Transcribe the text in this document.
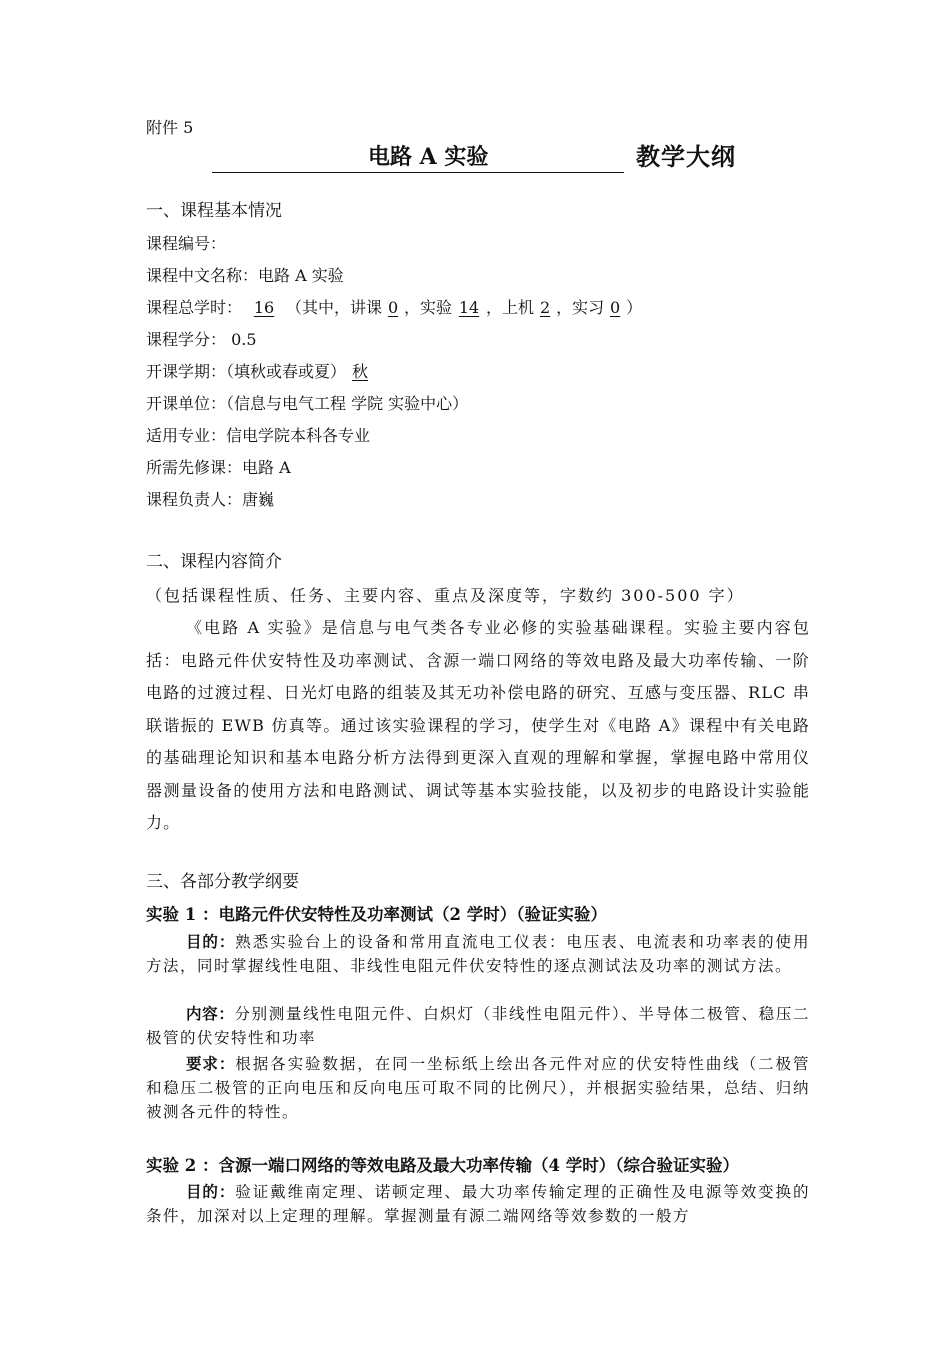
附件 5
电路 A 实验	教学大纲
一、课程基本情况
课程编号：
课程中文名称：电路 A 实验
课程总学时： 16 （其中，讲课 0 ，实验 14 ，上机 2 ，实习 0 ）
课程学分： 0.5
开课学期：（填秋或春或夏） 秋
开课单位：（信息与电气工程 学院 实验中心）
适用专业：信电学院本科各专业
所需先修课：电路 A
课程负责人：唐巍
二、课程内容简介
（包括课程性质、任务、主要内容、重点及深度等，字数约 300-500 字）
《电路 A 实验》是信息与电气类各专业必修的实验基础课程。实验主要内容包括：电路元件伏安特性及功率测试、含源一端口网络的等效电路及最大功率传输、一阶电路的过渡过程、日光灯电路的组装及其无功补偿电路的研究、互感与变压器、RLC 串联谐振的 EWB 仿真等。通过该实验课程的学习，使学生对《电路 A》课程中有关电路的基础理论知识和基本电路分析方法得到更深入直观的理解和掌握，掌握电路中常用仪器测量设备的使用方法和电路测试、调试等基本实验技能，以及初步的电路设计实验能力。
三、各部分教学纲要
实验 1 ：电路元件伏安特性及功率测试（2 学时）（验证实验）
目的：熟悉实验台上的设备和常用直流电工仪表：电压表、电流表和功率表的使用方法，同时掌握线性电阻、非线性电阻元件伏安特性的逐点测试法及功率的测试方法。
内容：分别测量线性电阻元件、白炽灯（非线性电阻元件）、半导体二极管、稳压二极管的伏安特性和功率
要求：根据各实验数据，在同一坐标纸上绘出各元件对应的伏安特性曲线（二极管和稳压二极管的正向电压和反向电压可取不同的比例尺），并根据实验结果，总结、归纳被测各元件的特性。
实验 2 ：含源一端口网络的等效电路及最大功率传输（4 学时）（综合验证实验）
目的：验证戴维南定理、诺顿定理、最大功率传输定理的正确性及电源等效变换的条件，加深对以上定理的理解。掌握测量有源二端网络等效参数的一般方
